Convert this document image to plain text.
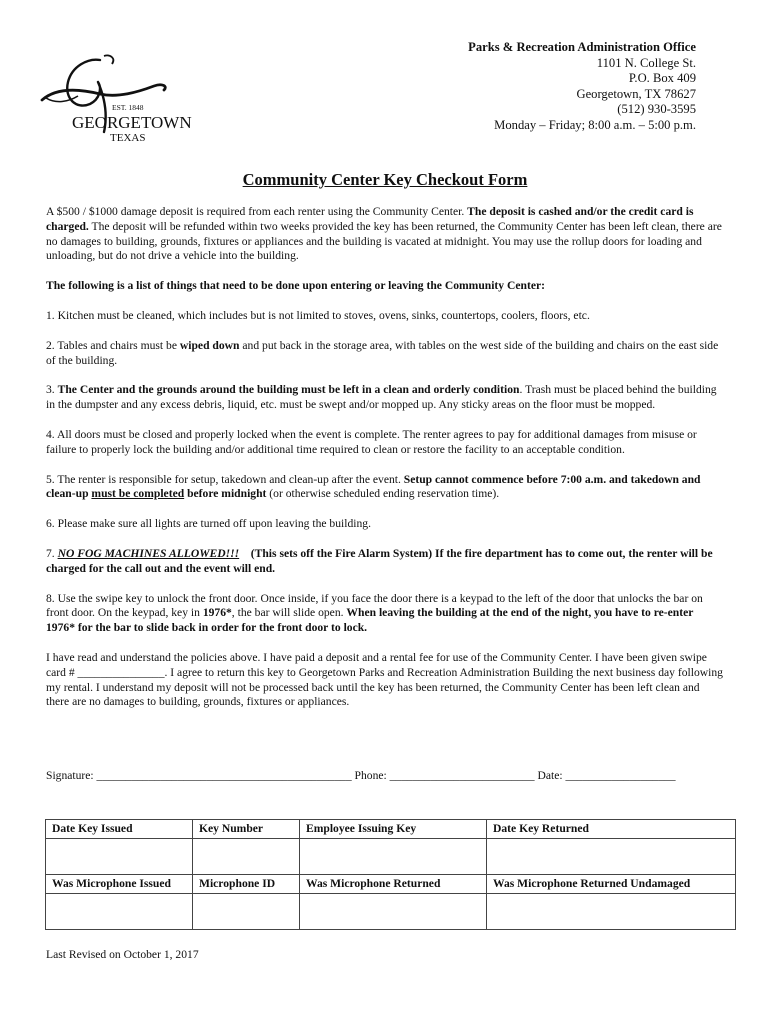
EST. 1848
GEORGETOWN
TEXAS
Parks & Recreation Administration Office
1101 N. College St.
P.O. Box 409
Georgetown, TX 78627
(512) 930-3595
Monday – Friday; 8:00 a.m. – 5:00 p.m.
Community Center Key Checkout Form

A $500 / $1000 damage deposit is required from each renter using the Community Center. The deposit is cashed and/or the credit card is charged. The deposit will be refunded within two weeks provided the key has been returned, the Community Center has been left clean, there are no damages to building, grounds, fixtures or appliances and the building is vacated at midnight. You may use the rollup doors for loading and unloading, but do not drive a vehicle into the building.

The following is a list of things that need to be done upon entering or leaving the Community Center:

1. Kitchen must be cleaned, which includes but is not limited to stoves, ovens, sinks, countertops, coolers, floors, etc.

2. Tables and chairs must be wiped down and put back in the storage area, with tables on the west side of the building and chairs on the east side of the building.

3. The Center and the grounds around the building must be left in a clean and orderly condition. Trash must be placed behind the building in the dumpster and any excess debris, liquid, etc. must be swept and/or mopped up. Any sticky areas on the floor must be mopped.

4. All doors must be closed and properly locked when the event is complete. The renter agrees to pay for additional damages from misuse or failure to properly lock the building and/or additional time required to clean or restore the facility to an acceptable condition.

5. The renter is responsible for setup, takedown and clean-up after the event. Setup cannot commence before 7:00 a.m. and takedown and clean-up must be completed before midnight (or otherwise scheduled ending reservation time).

6. Please make sure all lights are turned off upon leaving the building.

7. NO FOG MACHINES ALLOWED!!!    (This sets off the Fire Alarm System) If the fire department has to come out, the renter will be charged for the call out and the event will end.

8. Use the swipe key to unlock the front door. Once inside, if you face the door there is a keypad to the left of the door that unlocks the bar on front door. On the keypad, key in 1976*, the bar will slide open. When leaving the building at the end of the night, you have to re-enter 1976* for the bar to slide back in order for the front door to lock.

I have read and understand the policies above. I have paid a deposit and a rental fee for use of the Community Center. I have been given swipe card # _______________. I agree to return this key to Georgetown Parks and Recreation Administration Building the next business day following my rental. I understand my deposit will not be processed back until the key has been returned, the Community Center has been left clean and there are no damages to building, grounds, fixtures or appliances.

Signature: ____________________________________________ Phone: _________________________ Date: ___________________
Date Key Issued	Key Number	Employee Issuing Key	Date Key Returned

Was Microphone Issued	Microphone ID	Was Microphone Returned	Was Microphone Returned Undamaged

Last Revised on October 1, 2017
